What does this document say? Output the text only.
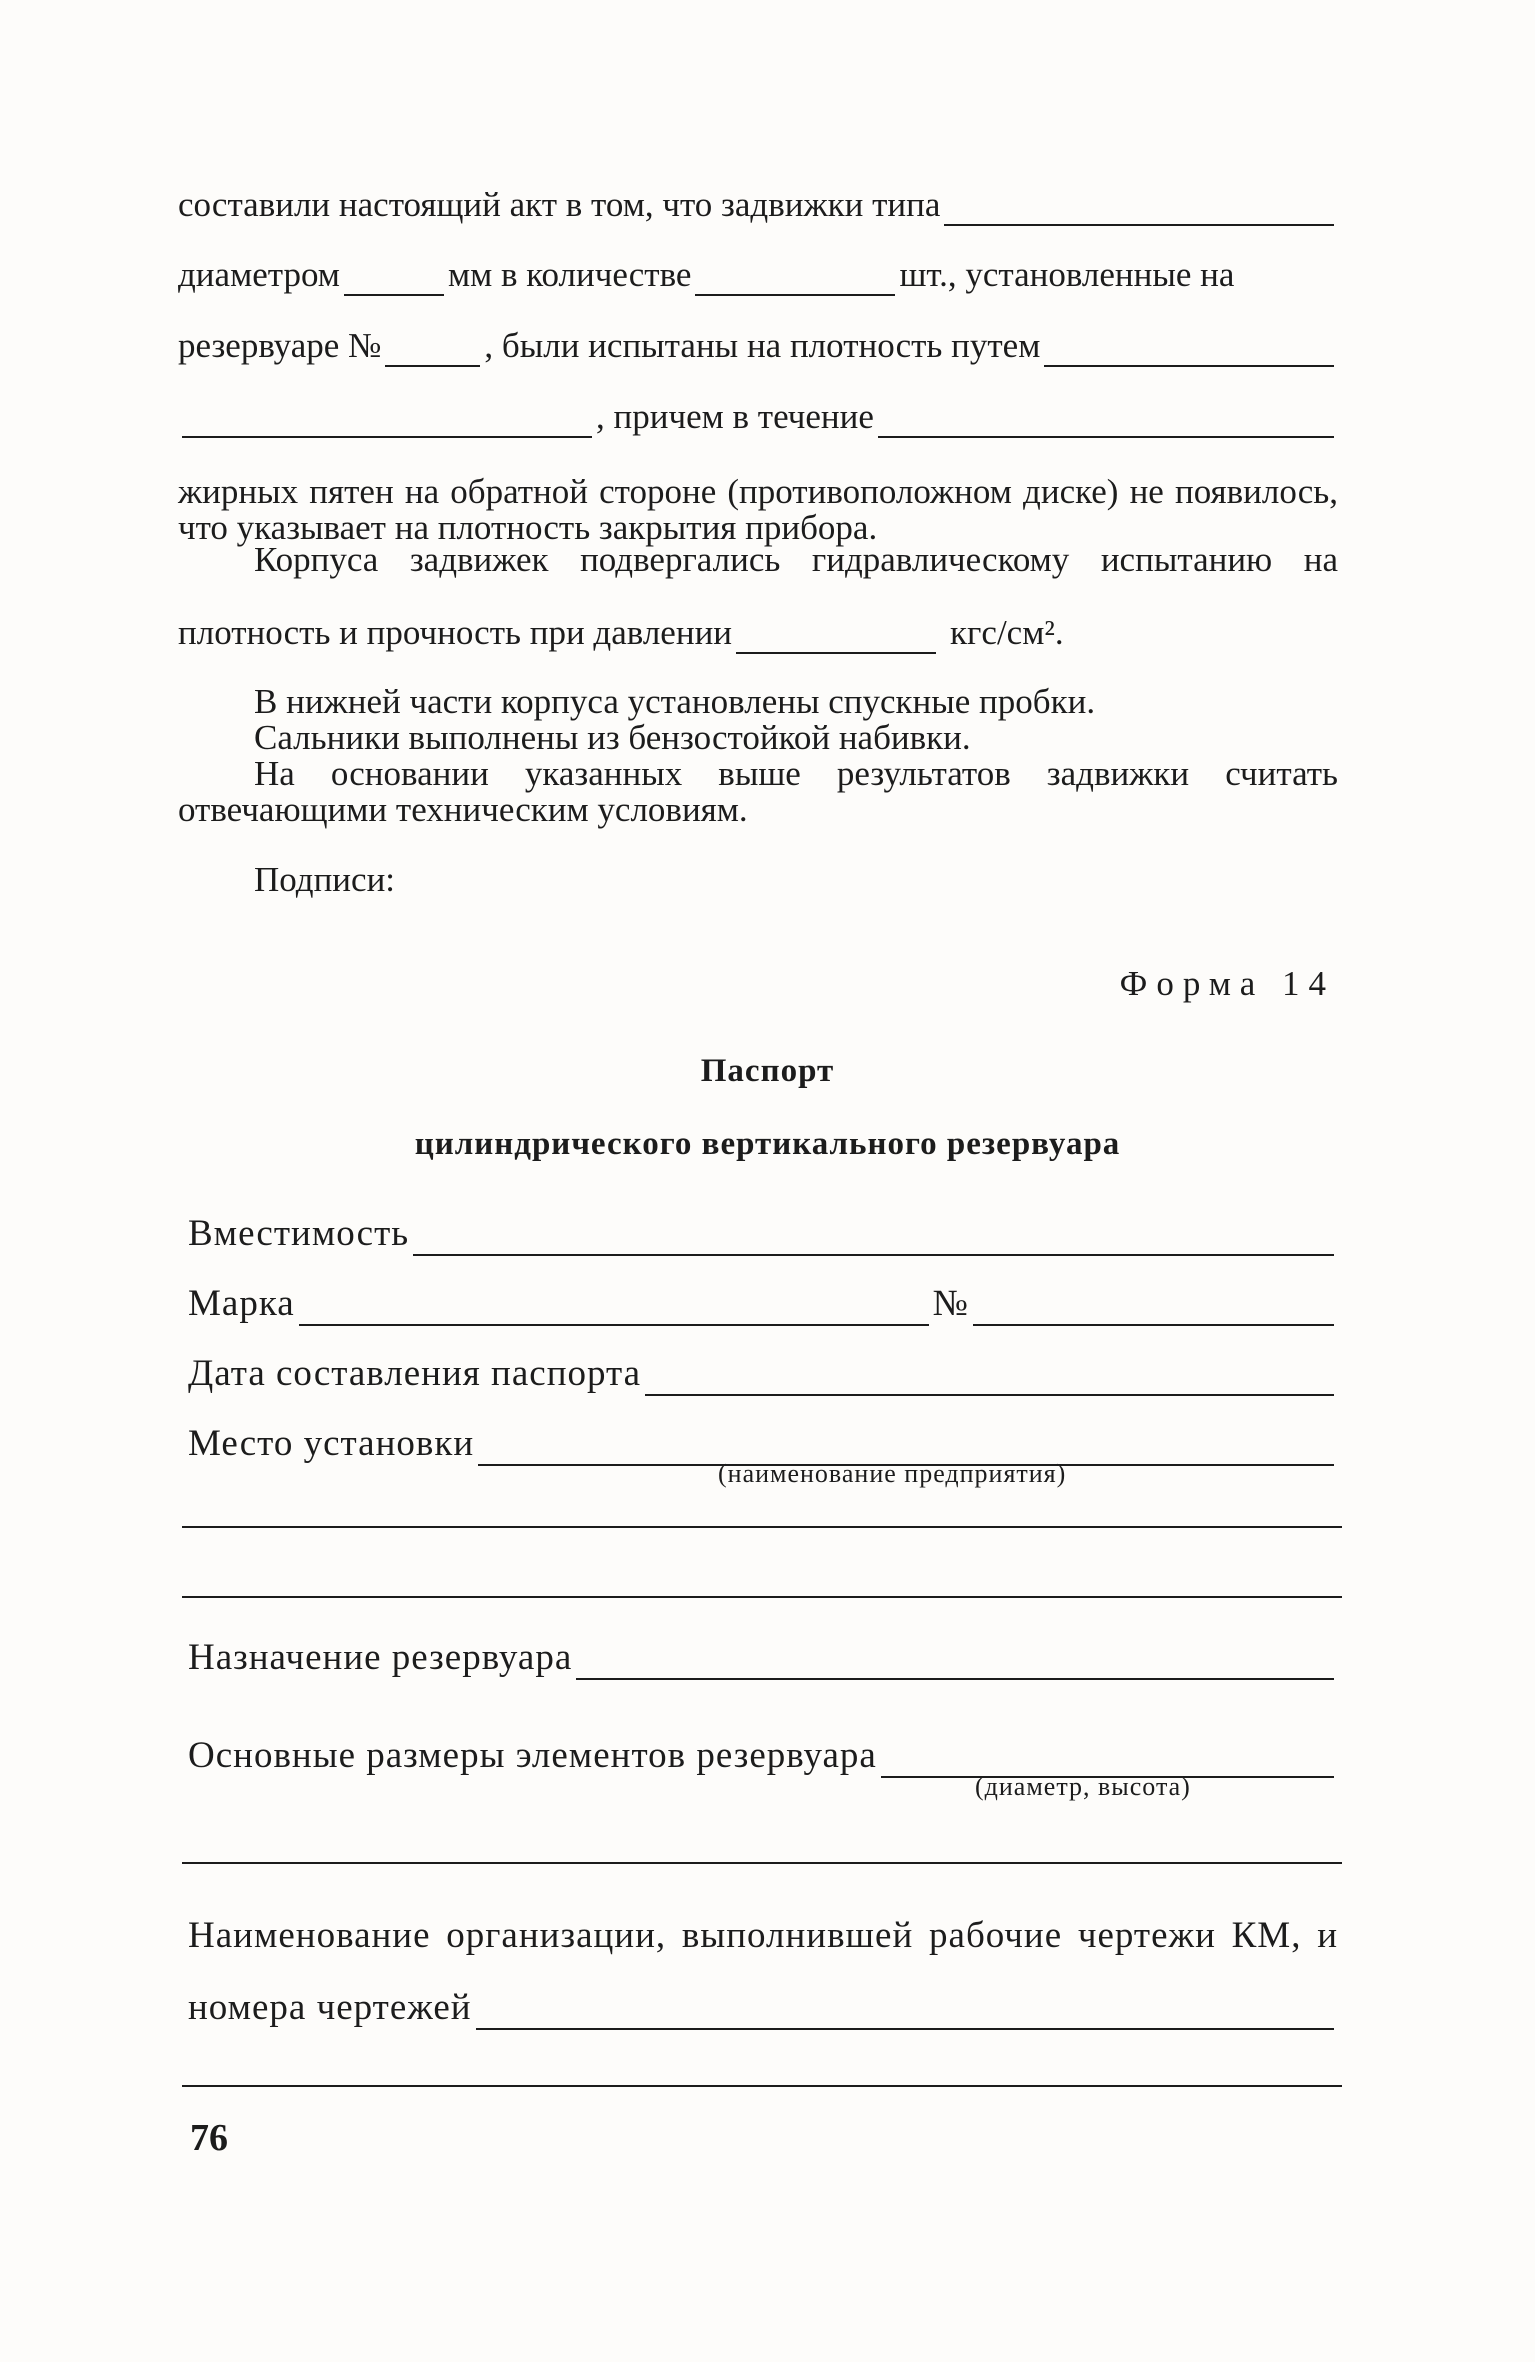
составили настоящий акт в том, что задвижки типа
диаметром	мм в количестве	шт., установленные на
резервуаре №	, были испытаны на плотность путем
, причем в течение
жирных пятен на обратной стороне (противоположном диске) не появилось, что указывает на плотность закрытия прибора.
Корпуса задвижек подвергались гидравлическому испытанию на
плотность и прочность при давлении	кгс/см².
В нижней части корпуса установлены спускные пробки.
Сальники выполнены из бензостойкой набивки.
На основании указанных выше результатов задвижки считать отвечающими техническим условиям.
Подписи:
Форма 14
Паспорт
цилиндрического вертикального резервуара
Вместимость
Марка	№
Дата составления паспорта
Место установки
(наименование предприятия)
Назначение резервуара
Основные размеры элементов резервуара
(диаметр, высота)
Наименование организации, выполнившей рабочие чертежи КМ, и
номера чертежей
76
